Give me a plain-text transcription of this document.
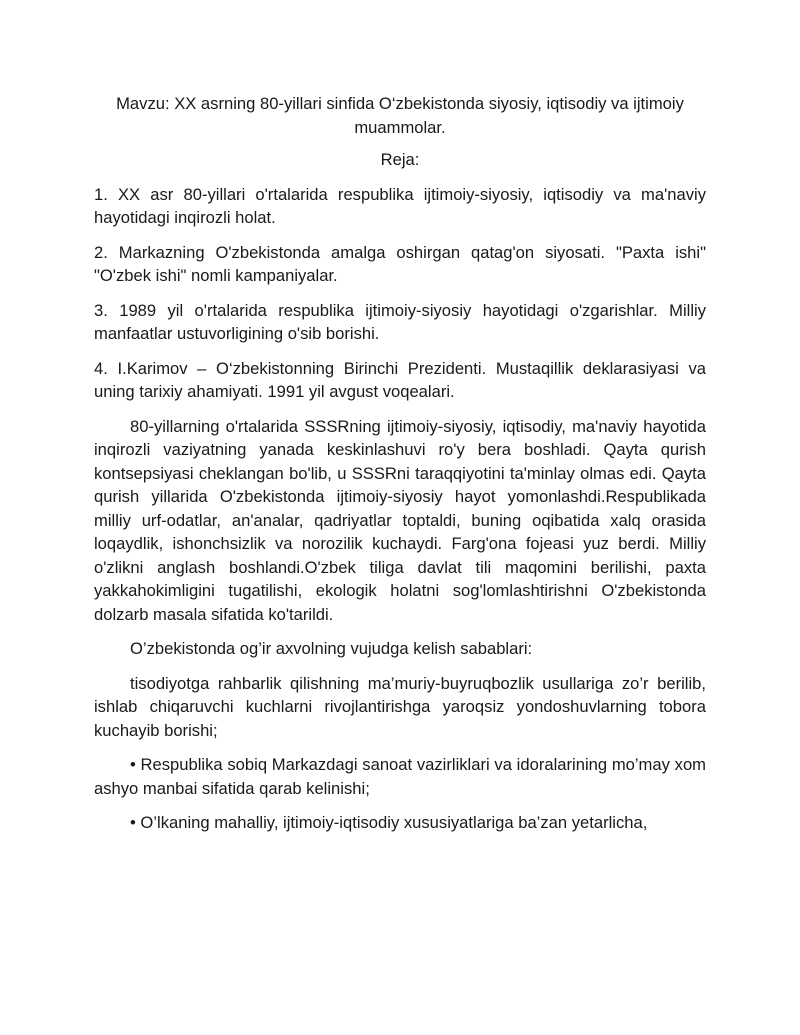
Mavzu: XX asrning 80-yillari sinfida O‘zbekistonda siyosiy, iqtisodiy va ijtimoiy muammolar.

Reja:

1. XX asr 80-yillari o'rtalarida respublika ijtimoiy-siyosiy, iqtisodiy va ma'naviy hayotidagi inqirozli holat.
2. Markazning O'zbekistonda amalga oshirgan qatag'on siyosati. "Paxta ishi" "O'zbek ishi" nomli kampaniyalar.
3. 1989 yil o'rtalarida respublika ijtimoiy-siyosiy hayotidagi o'zgarishlar. Milliy manfaatlar ustuvorligining o'sib borishi.
4. I.Karimov – O‘zbekistonning Birinchi Prezidenti. Mustaqillik deklarasiyasi va uning tarixiy ahamiyati. 1991 yil avgust voqealari.

80-yillarning o'rtalarida SSSRning ijtimoiy-siyosiy, iqtisodiy, ma'naviy hayotida inqirozli vaziyatning yanada keskinlashuvi ro'y bera boshladi. Qayta qurish kontsepsiyasi cheklangan bo'lib, u SSSRni taraqqiyotini ta'minlay olmas edi. Qayta qurish yillarida O'zbekistonda ijtimoiy-siyosiy hayot yomonlashdi.Respublikada milliy urf-odatlar, an'analar, qadriyatlar toptaldi, buning oqibatida xalq orasida loqaydlik, ishonchsizlik va norozilik kuchaydi. Farg'ona fojeasi yuz berdi. Milliy o'zlikni anglash boshlandi.O'zbek tiliga davlat tili maqomini berilishi, paxta yakkahokimligini tugatilishi, ekologik holatni sog'lomlashtirishni O'zbekistonda dolzarb masala sifatida ko'tarildi.

O’zbekistonda og’ir axvolning vujudga kelish sabablari:

tisodiyotga rahbarlik qilishning ma’muriy-buyruqbozlik usullariga zo’r berilib, ishlab chiqaruvchi kuchlarni rivojlantirishga yaroqsiz yondoshuvlarning tobora kuchayib borishi;

• Respublika sobiq Markazdagi sanoat vazirliklari va idoralarining mo’may xom ashyo manbai sifatida qarab kelinishi;

• O’lkaning mahalliy, ijtimoiy-iqtisodiy xususiyatlariga ba’zan yetarlicha,
